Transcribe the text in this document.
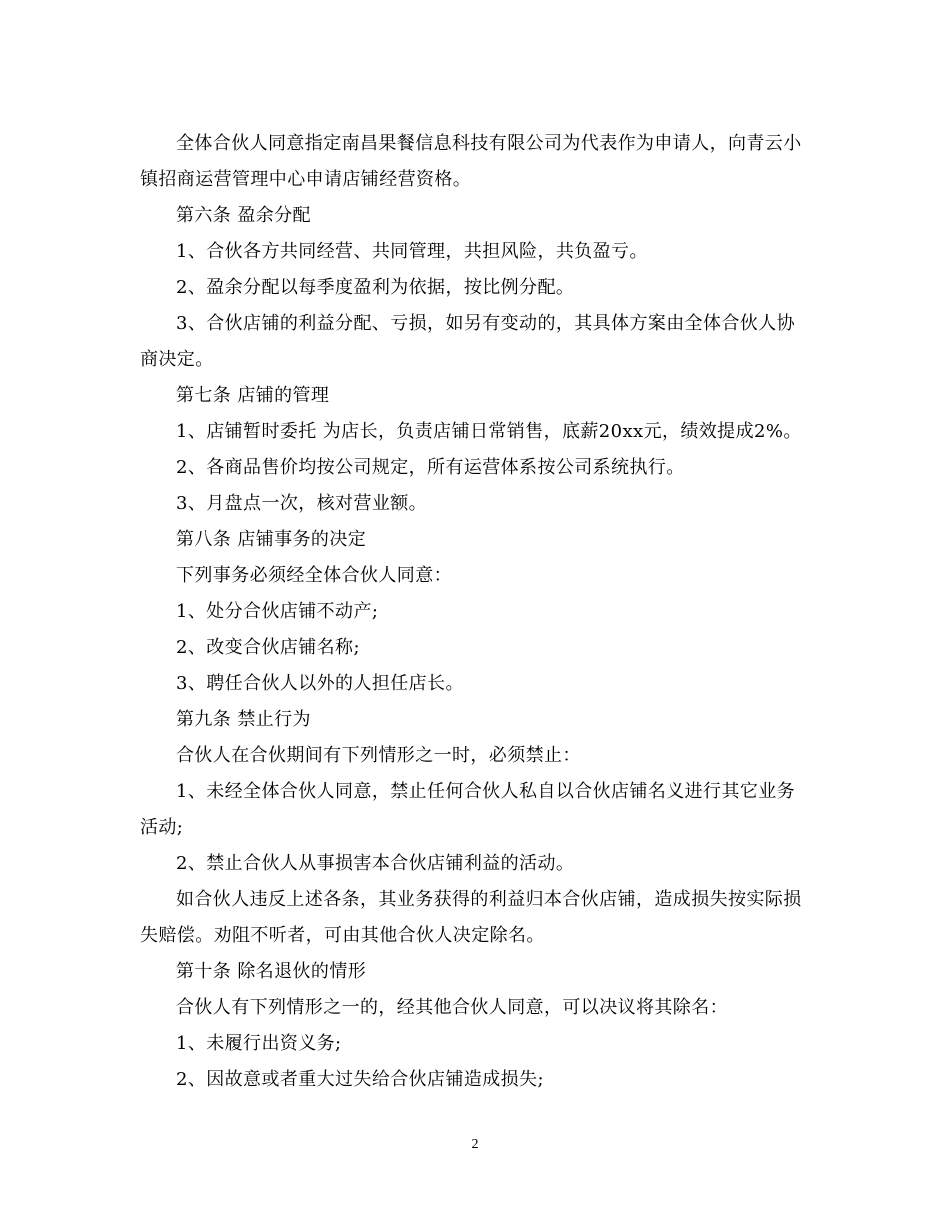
全体合伙人同意指定南昌果餐信息科技有限公司为代表作为申请人，向青云小镇招商运营管理中心申请店铺经营资格。

第六条 盈余分配

1、合伙各方共同经营、共同管理，共担风险，共负盈亏。

2、盈余分配以每季度盈利为依据，按比例分配。

3、合伙店铺的利益分配、亏损，如另有变动的，其具体方案由全体合伙人协商决定。

第七条 店铺的管理

1、店铺暂时委托 为店长，负责店铺日常销售，底薪20xx元，绩效提成2%。

2、各商品售价均按公司规定，所有运营体系按公司系统执行。

3、月盘点一次，核对营业额。

第八条 店铺事务的决定

下列事务必须经全体合伙人同意：

1、处分合伙店铺不动产;

2、改变合伙店铺名称;

3、聘任合伙人以外的人担任店长。

第九条 禁止行为

合伙人在合伙期间有下列情形之一时，必须禁止：

1、未经全体合伙人同意，禁止任何合伙人私自以合伙店铺名义进行其它业务活动;

2、禁止合伙人从事损害本合伙店铺利益的活动。

如合伙人违反上述各条，其业务获得的利益归本合伙店铺，造成损失按实际损失赔偿。劝阻不听者，可由其他合伙人决定除名。

第十条 除名退伙的情形

合伙人有下列情形之一的，经其他合伙人同意，可以决议将其除名：

1、未履行出资义务;

2、因故意或者重大过失给合伙店铺造成损失;

2
